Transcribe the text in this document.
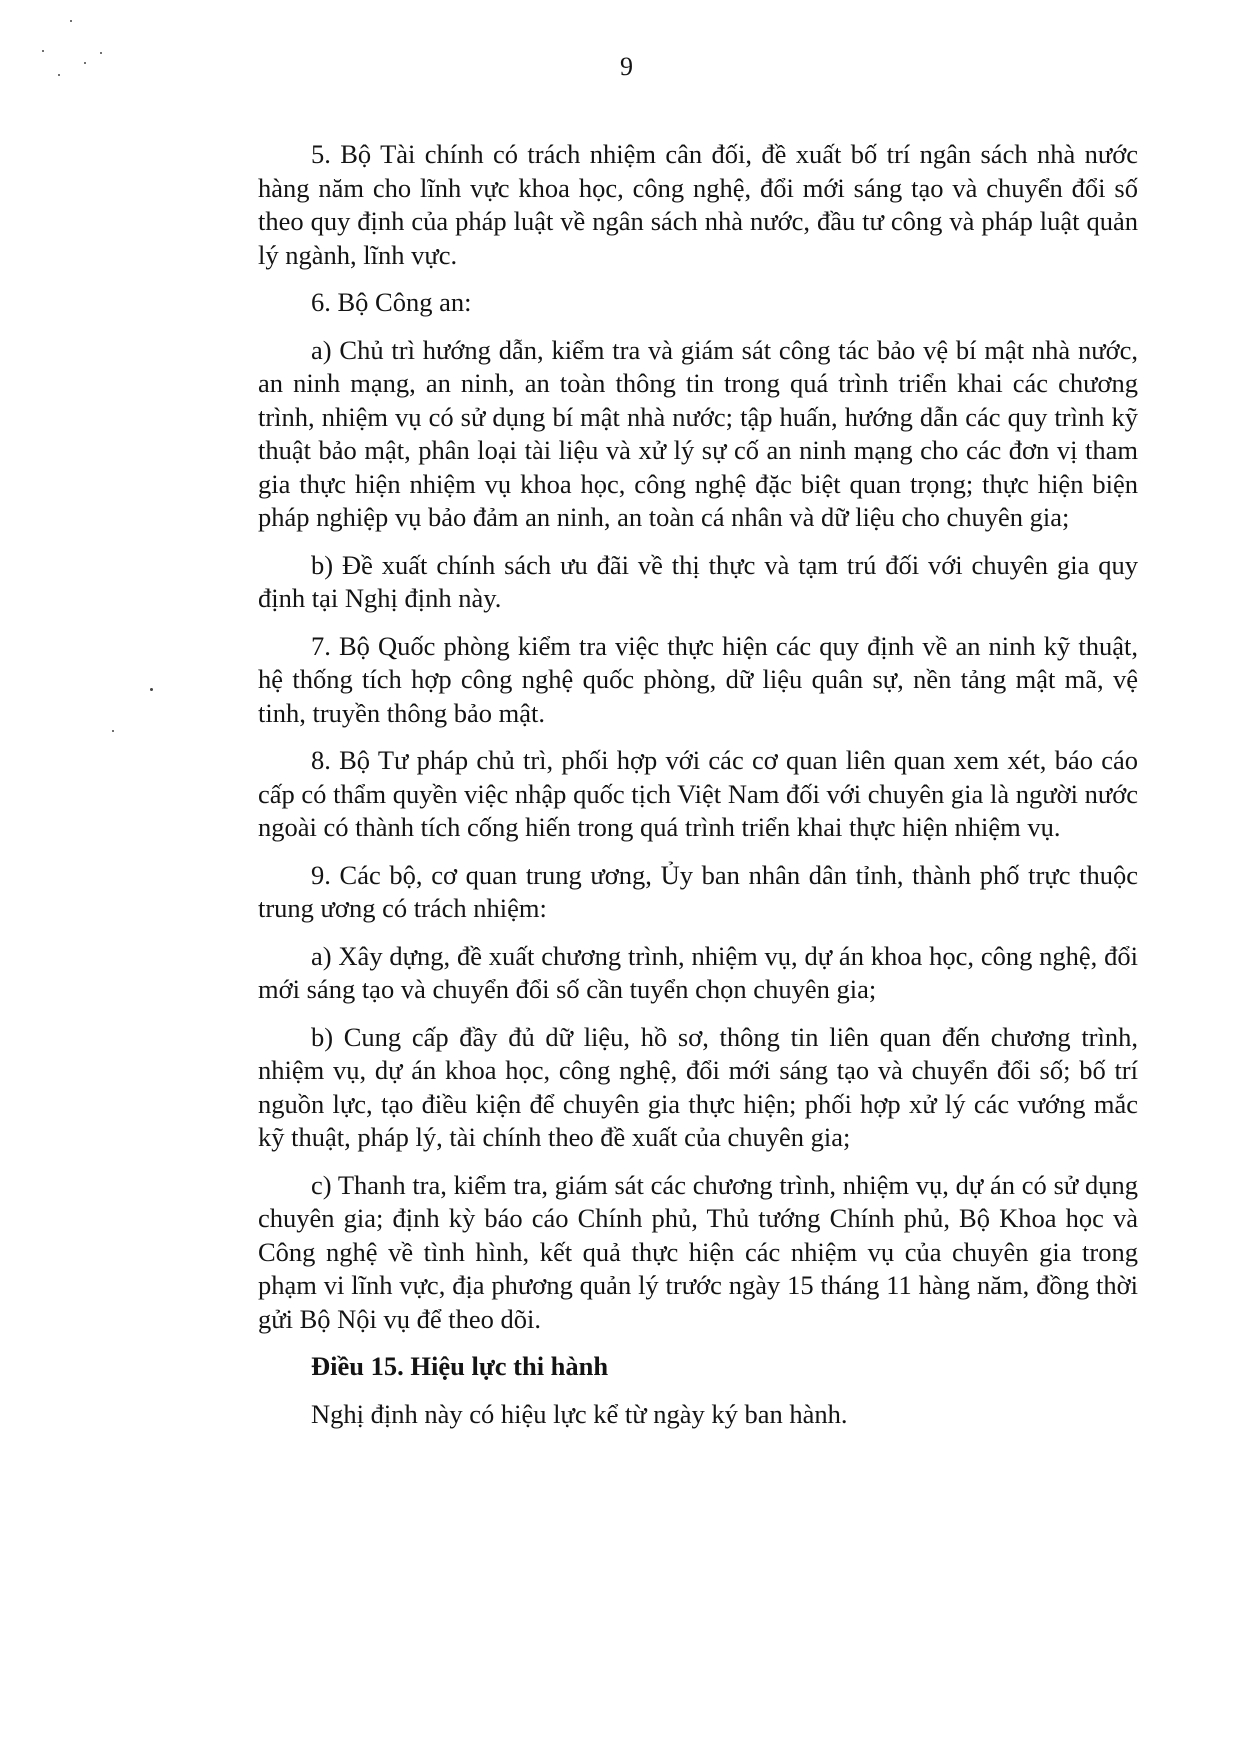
9

5. Bộ Tài chính có trách nhiệm cân đối, đề xuất bố trí ngân sách nhà nước hàng năm cho lĩnh vực khoa học, công nghệ, đổi mới sáng tạo và chuyển đổi số theo quy định của pháp luật về ngân sách nhà nước, đầu tư công và pháp luật quản lý ngành, lĩnh vực.

6. Bộ Công an:

a) Chủ trì hướng dẫn, kiểm tra và giám sát công tác bảo vệ bí mật nhà nước, an ninh mạng, an ninh, an toàn thông tin trong quá trình triển khai các chương trình, nhiệm vụ có sử dụng bí mật nhà nước; tập huấn, hướng dẫn các quy trình kỹ thuật bảo mật, phân loại tài liệu và xử lý sự cố an ninh mạng cho các đơn vị tham gia thực hiện nhiệm vụ khoa học, công nghệ đặc biệt quan trọng; thực hiện biện pháp nghiệp vụ bảo đảm an ninh, an toàn cá nhân và dữ liệu cho chuyên gia;

b) Đề xuất chính sách ưu đãi về thị thực và tạm trú đối với chuyên gia quy định tại Nghị định này.

7. Bộ Quốc phòng kiểm tra việc thực hiện các quy định về an ninh kỹ thuật, hệ thống tích hợp công nghệ quốc phòng, dữ liệu quân sự, nền tảng mật mã, vệ tinh, truyền thông bảo mật.

8. Bộ Tư pháp chủ trì, phối hợp với các cơ quan liên quan xem xét, báo cáo cấp có thẩm quyền việc nhập quốc tịch Việt Nam đối với chuyên gia là người nước ngoài có thành tích cống hiến trong quá trình triển khai thực hiện nhiệm vụ.

9. Các bộ, cơ quan trung ương, Ủy ban nhân dân tỉnh, thành phố trực thuộc trung ương có trách nhiệm:

a) Xây dựng, đề xuất chương trình, nhiệm vụ, dự án khoa học, công nghệ, đổi mới sáng tạo và chuyển đổi số cần tuyển chọn chuyên gia;

b) Cung cấp đầy đủ dữ liệu, hồ sơ, thông tin liên quan đến chương trình, nhiệm vụ, dự án khoa học, công nghệ, đổi mới sáng tạo và chuyển đổi số; bố trí nguồn lực, tạo điều kiện để chuyên gia thực hiện; phối hợp xử lý các vướng mắc kỹ thuật, pháp lý, tài chính theo đề xuất của chuyên gia;

c) Thanh tra, kiểm tra, giám sát các chương trình, nhiệm vụ, dự án có sử dụng chuyên gia; định kỳ báo cáo Chính phủ, Thủ tướng Chính phủ, Bộ Khoa học và Công nghệ về tình hình, kết quả thực hiện các nhiệm vụ của chuyên gia trong phạm vi lĩnh vực, địa phương quản lý trước ngày 15 tháng 11 hàng năm, đồng thời gửi Bộ Nội vụ để theo dõi.

Điều 15. Hiệu lực thi hành

Nghị định này có hiệu lực kể từ ngày ký ban hành.
